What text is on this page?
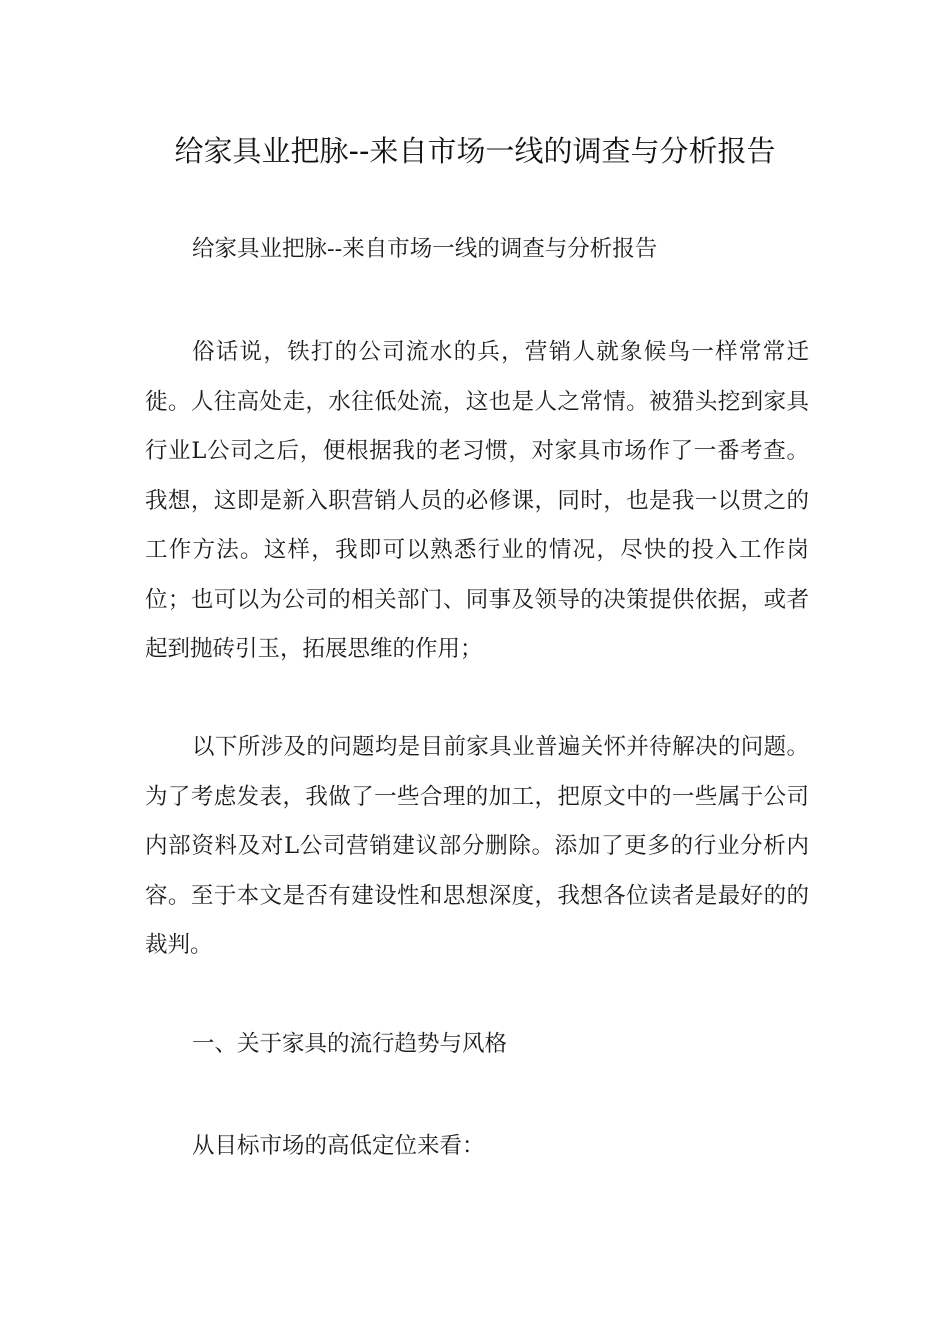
给家具业把脉--来自市场一线的调查与分析报告

给家具业把脉--来自市场一线的调查与分析报告

俗话说，铁打的公司流水的兵，营销人就象候鸟一样常常迁徙。人往高处走，水往低处流，这也是人之常情。被猎头挖到家具行业L公司之后，便根据我的老习惯，对家具市场作了一番考查。我想，这即是新入职营销人员的必修课，同时，也是我一以贯之的工作方法。这样，我即可以熟悉行业的情况，尽快的投入工作岗位；也可以为公司的相关部门、同事及领导的决策提供依据，或者起到抛砖引玉，拓展思维的作用；

以下所涉及的问题均是目前家具业普遍关怀并待解决的问题。为了考虑发表，我做了一些合理的加工，把原文中的一些属于公司内部资料及对L公司营销建议部分删除。添加了更多的行业分析内容。至于本文是否有建设性和思想深度，我想各位读者是最好的的裁判。

一、关于家具的流行趋势与风格

从目标市场的高低定位来看：
